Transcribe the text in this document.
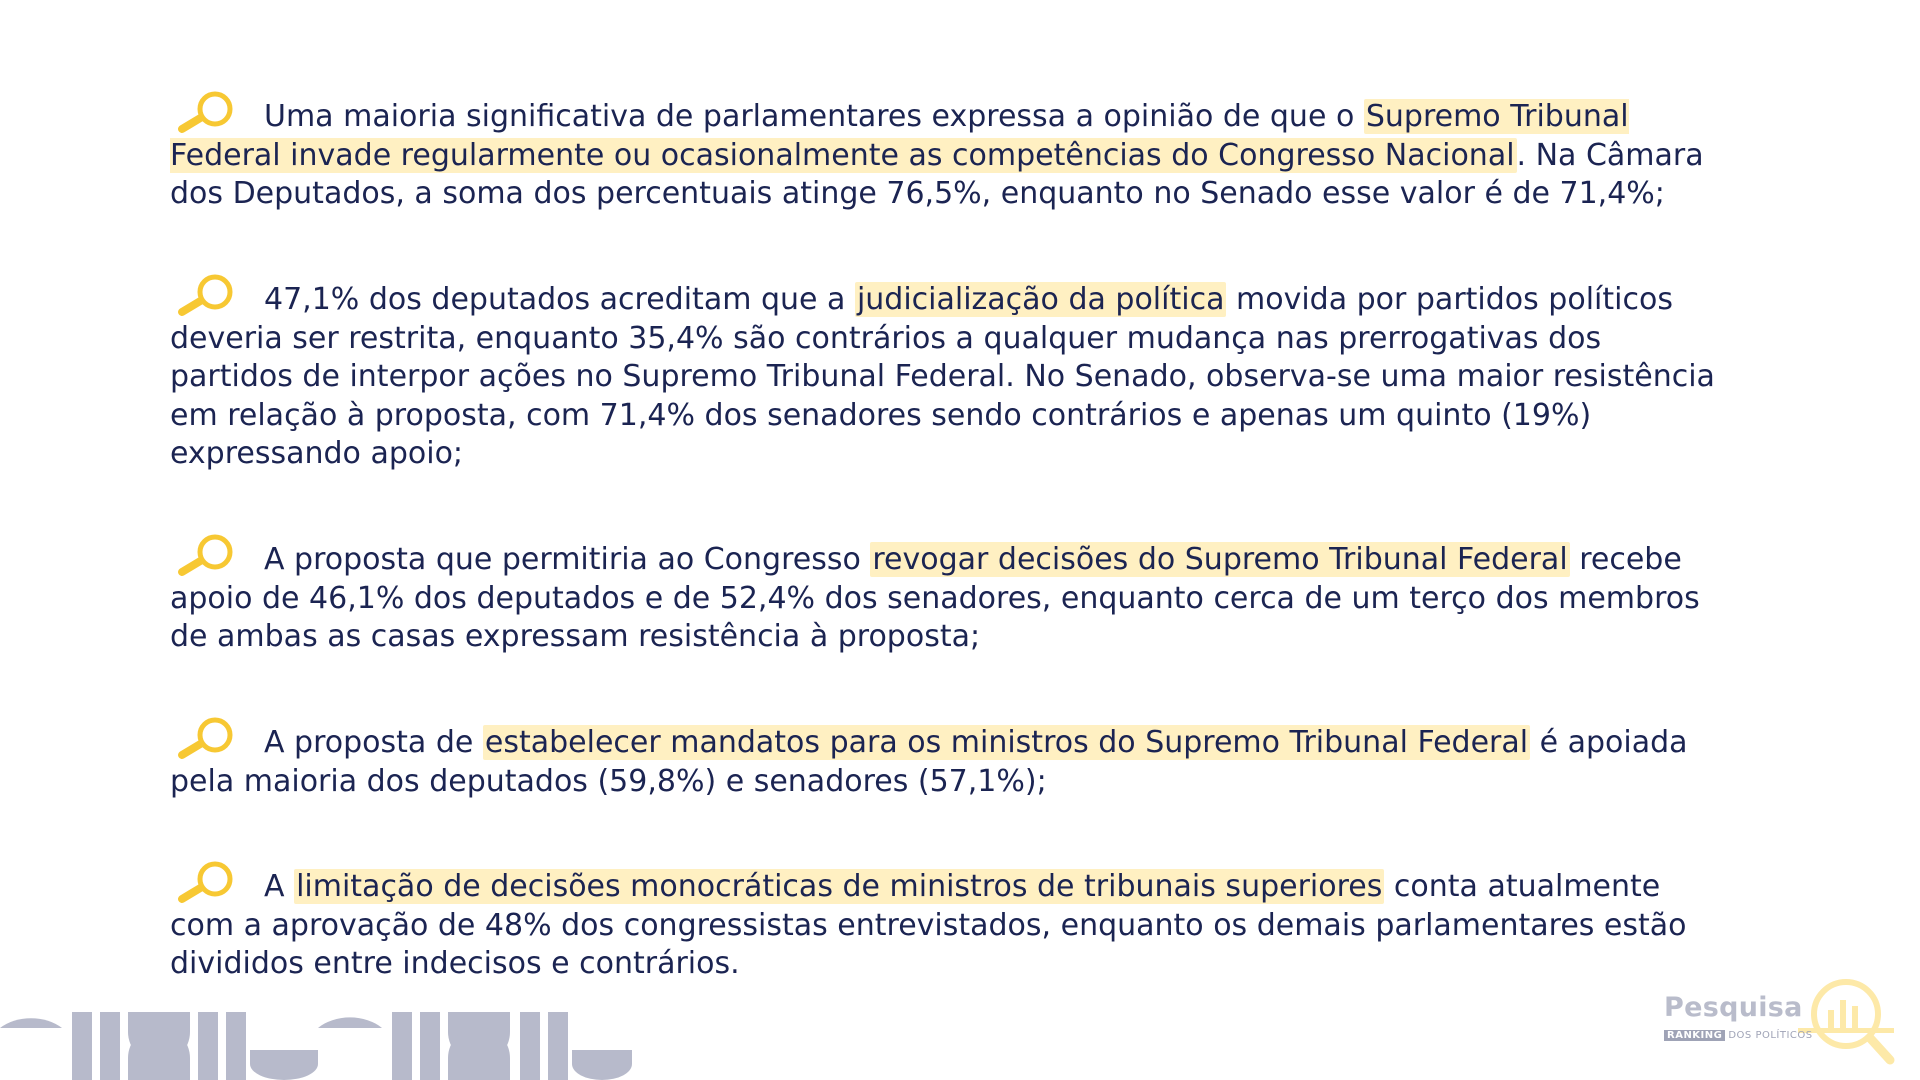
Uma maioria significativa de parlamentares expressa a opinião de que o Supremo Tribunal Federal invade regularmente ou ocasionalmente as competências do Congresso Nacional. Na Câmara dos Deputados, a soma dos percentuais atinge 76,5%, enquanto no Senado esse valor é de 71,4%;
47,1% dos deputados acreditam que a judicialização da política movida por partidos políticos deveria ser restrita, enquanto 35,4% são contrários a qualquer mudança nas prerrogativas dos partidos de interpor ações no Supremo Tribunal Federal. No Senado, observa-se uma maior resistência em relação à proposta, com 71,4% dos senadores sendo contrários e apenas um quinto (19%) expressando apoio;
A proposta que permitiria ao Congresso revogar decisões do Supremo Tribunal Federal recebe apoio de 46,1% dos deputados e de 52,4% dos senadores, enquanto cerca de um terço dos membros de ambas as casas expressam resistência à proposta;
A proposta de estabelecer mandatos para os ministros do Supremo Tribunal Federal é apoiada pela maioria dos deputados (59,8%) e senadores (57,1%);
A limitação de decisões monocráticas de ministros de tribunais superiores conta atualmente com a aprovação de 48% dos congressistas entrevistados, enquanto os demais parlamentares estão divididos entre indecisos e contrários.
Pesquisa
RANKING DOS POLÍTICOS
